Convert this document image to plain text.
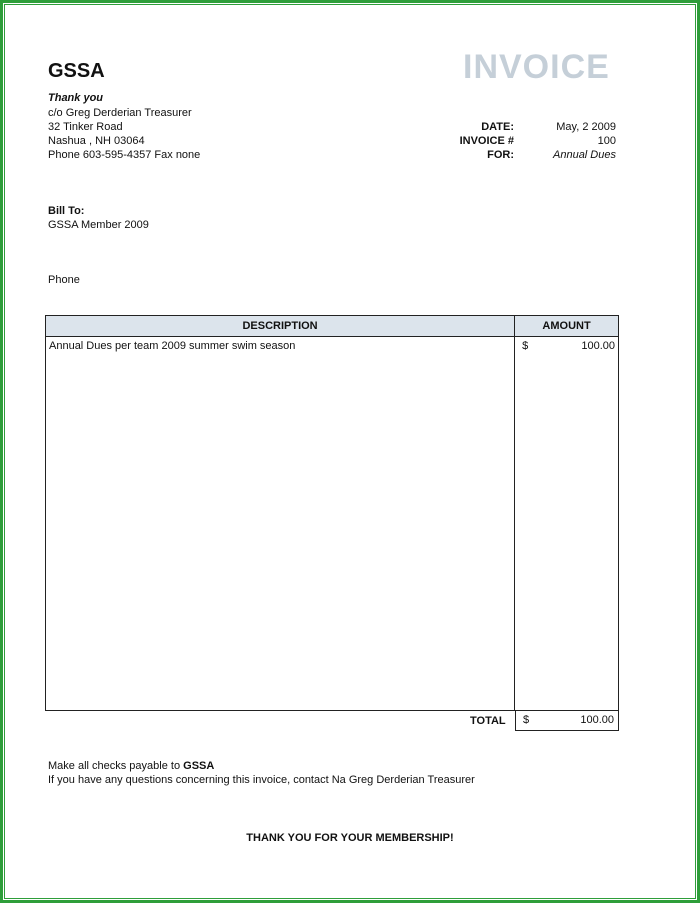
GSSA	INVOICE
Thank you
c/o Greg Derderian Treasurer
32 Tinker Road
Nashua , NH 03064
Phone 603-595-4357 Fax none
DATE:	May, 2 2009
INVOICE #	100
FOR:	Annual Dues
Bill To:
GSSA Member 2009
Phone
DESCRIPTION	AMOUNT
Annual Dues per team 2009 summer swim season	$ 100.00
TOTAL $	100.00
Make all checks payable to GSSA
If you have any questions concerning this invoice, contact Na Greg Derderian Treasurer
THANK YOU FOR YOUR MEMBERSHIP!
